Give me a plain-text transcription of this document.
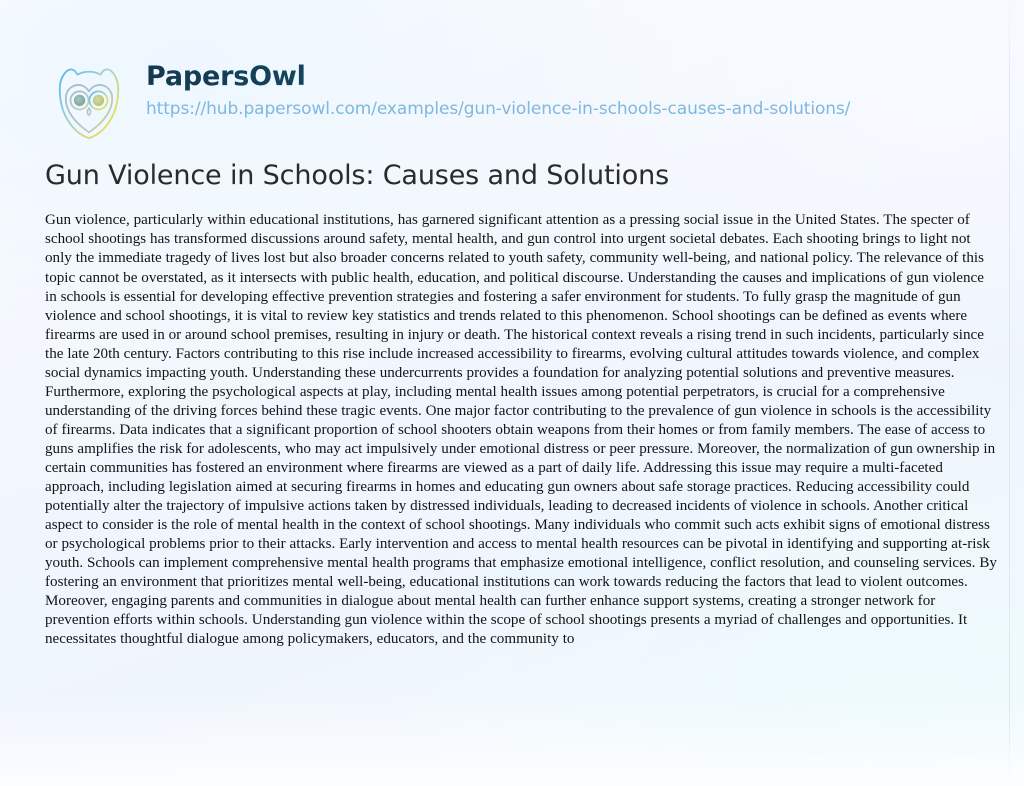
PapersOwl
https://hub.papersowl.com/examples/gun-violence-in-schools-causes-and-solutions/
Gun Violence in Schools: Causes and Solutions

Gun violence, particularly within educational institutions, has garnered significant attention as a pressing social issue in the United States. The specter of school shootings has transformed discussions around safety, mental health, and gun control into urgent societal debates. Each shooting brings to light not only the immediate tragedy of lives lost but also broader concerns related to youth safety, community well-being, and national policy. The relevance of this topic cannot be overstated, as it intersects with public health, education, and political discourse. Understanding the causes and implications of gun violence in schools is essential for developing effective prevention strategies and fostering a safer environment for students. To fully grasp the magnitude of gun violence and school shootings, it is vital to review key statistics and trends related to this phenomenon. School shootings can be defined as events where firearms are used in or around school premises, resulting in injury or death. The historical context reveals a rising trend in such incidents, particularly since the late 20th century. Factors contributing to this rise include increased accessibility to firearms, evolving cultural attitudes towards violence, and complex social dynamics impacting youth. Understanding these undercurrents provides a foundation for analyzing potential solutions and preventive measures. Furthermore, exploring the psychological aspects at play, including mental health issues among potential perpetrators, is crucial for a comprehensive understanding of the driving forces behind these tragic events. One major factor contributing to the prevalence of gun violence in schools is the accessibility of firearms. Data indicates that a significant proportion of school shooters obtain weapons from their homes or from family members. The ease of access to guns amplifies the risk for adolescents, who may act impulsively under emotional distress or peer pressure. Moreover, the normalization of gun ownership in certain communities has fostered an environment where firearms are viewed as a part of daily life. Addressing this issue may require a multi-faceted approach, including legislation aimed at securing firearms in homes and educating gun owners about safe storage practices. Reducing accessibility could potentially alter the trajectory of impulsive actions taken by distressed individuals, leading to decreased incidents of violence in schools. Another critical aspect to consider is the role of mental health in the context of school shootings. Many individuals who commit such acts exhibit signs of emotional distress or psychological problems prior to their attacks. Early intervention and access to mental health resources can be pivotal in identifying and supporting at-risk youth. Schools can implement comprehensive mental health programs that emphasize emotional intelligence, conflict resolution, and counseling services. By fostering an environment that prioritizes mental well-being, educational institutions can work towards reducing the factors that lead to violent outcomes. Moreover, engaging parents and communities in dialogue about mental health can further enhance support systems, creating a stronger network for prevention efforts within schools. Understanding gun violence within the scope of school shootings presents a myriad of challenges and opportunities. It necessitates thoughtful dialogue among policymakers, educators, and the community to
